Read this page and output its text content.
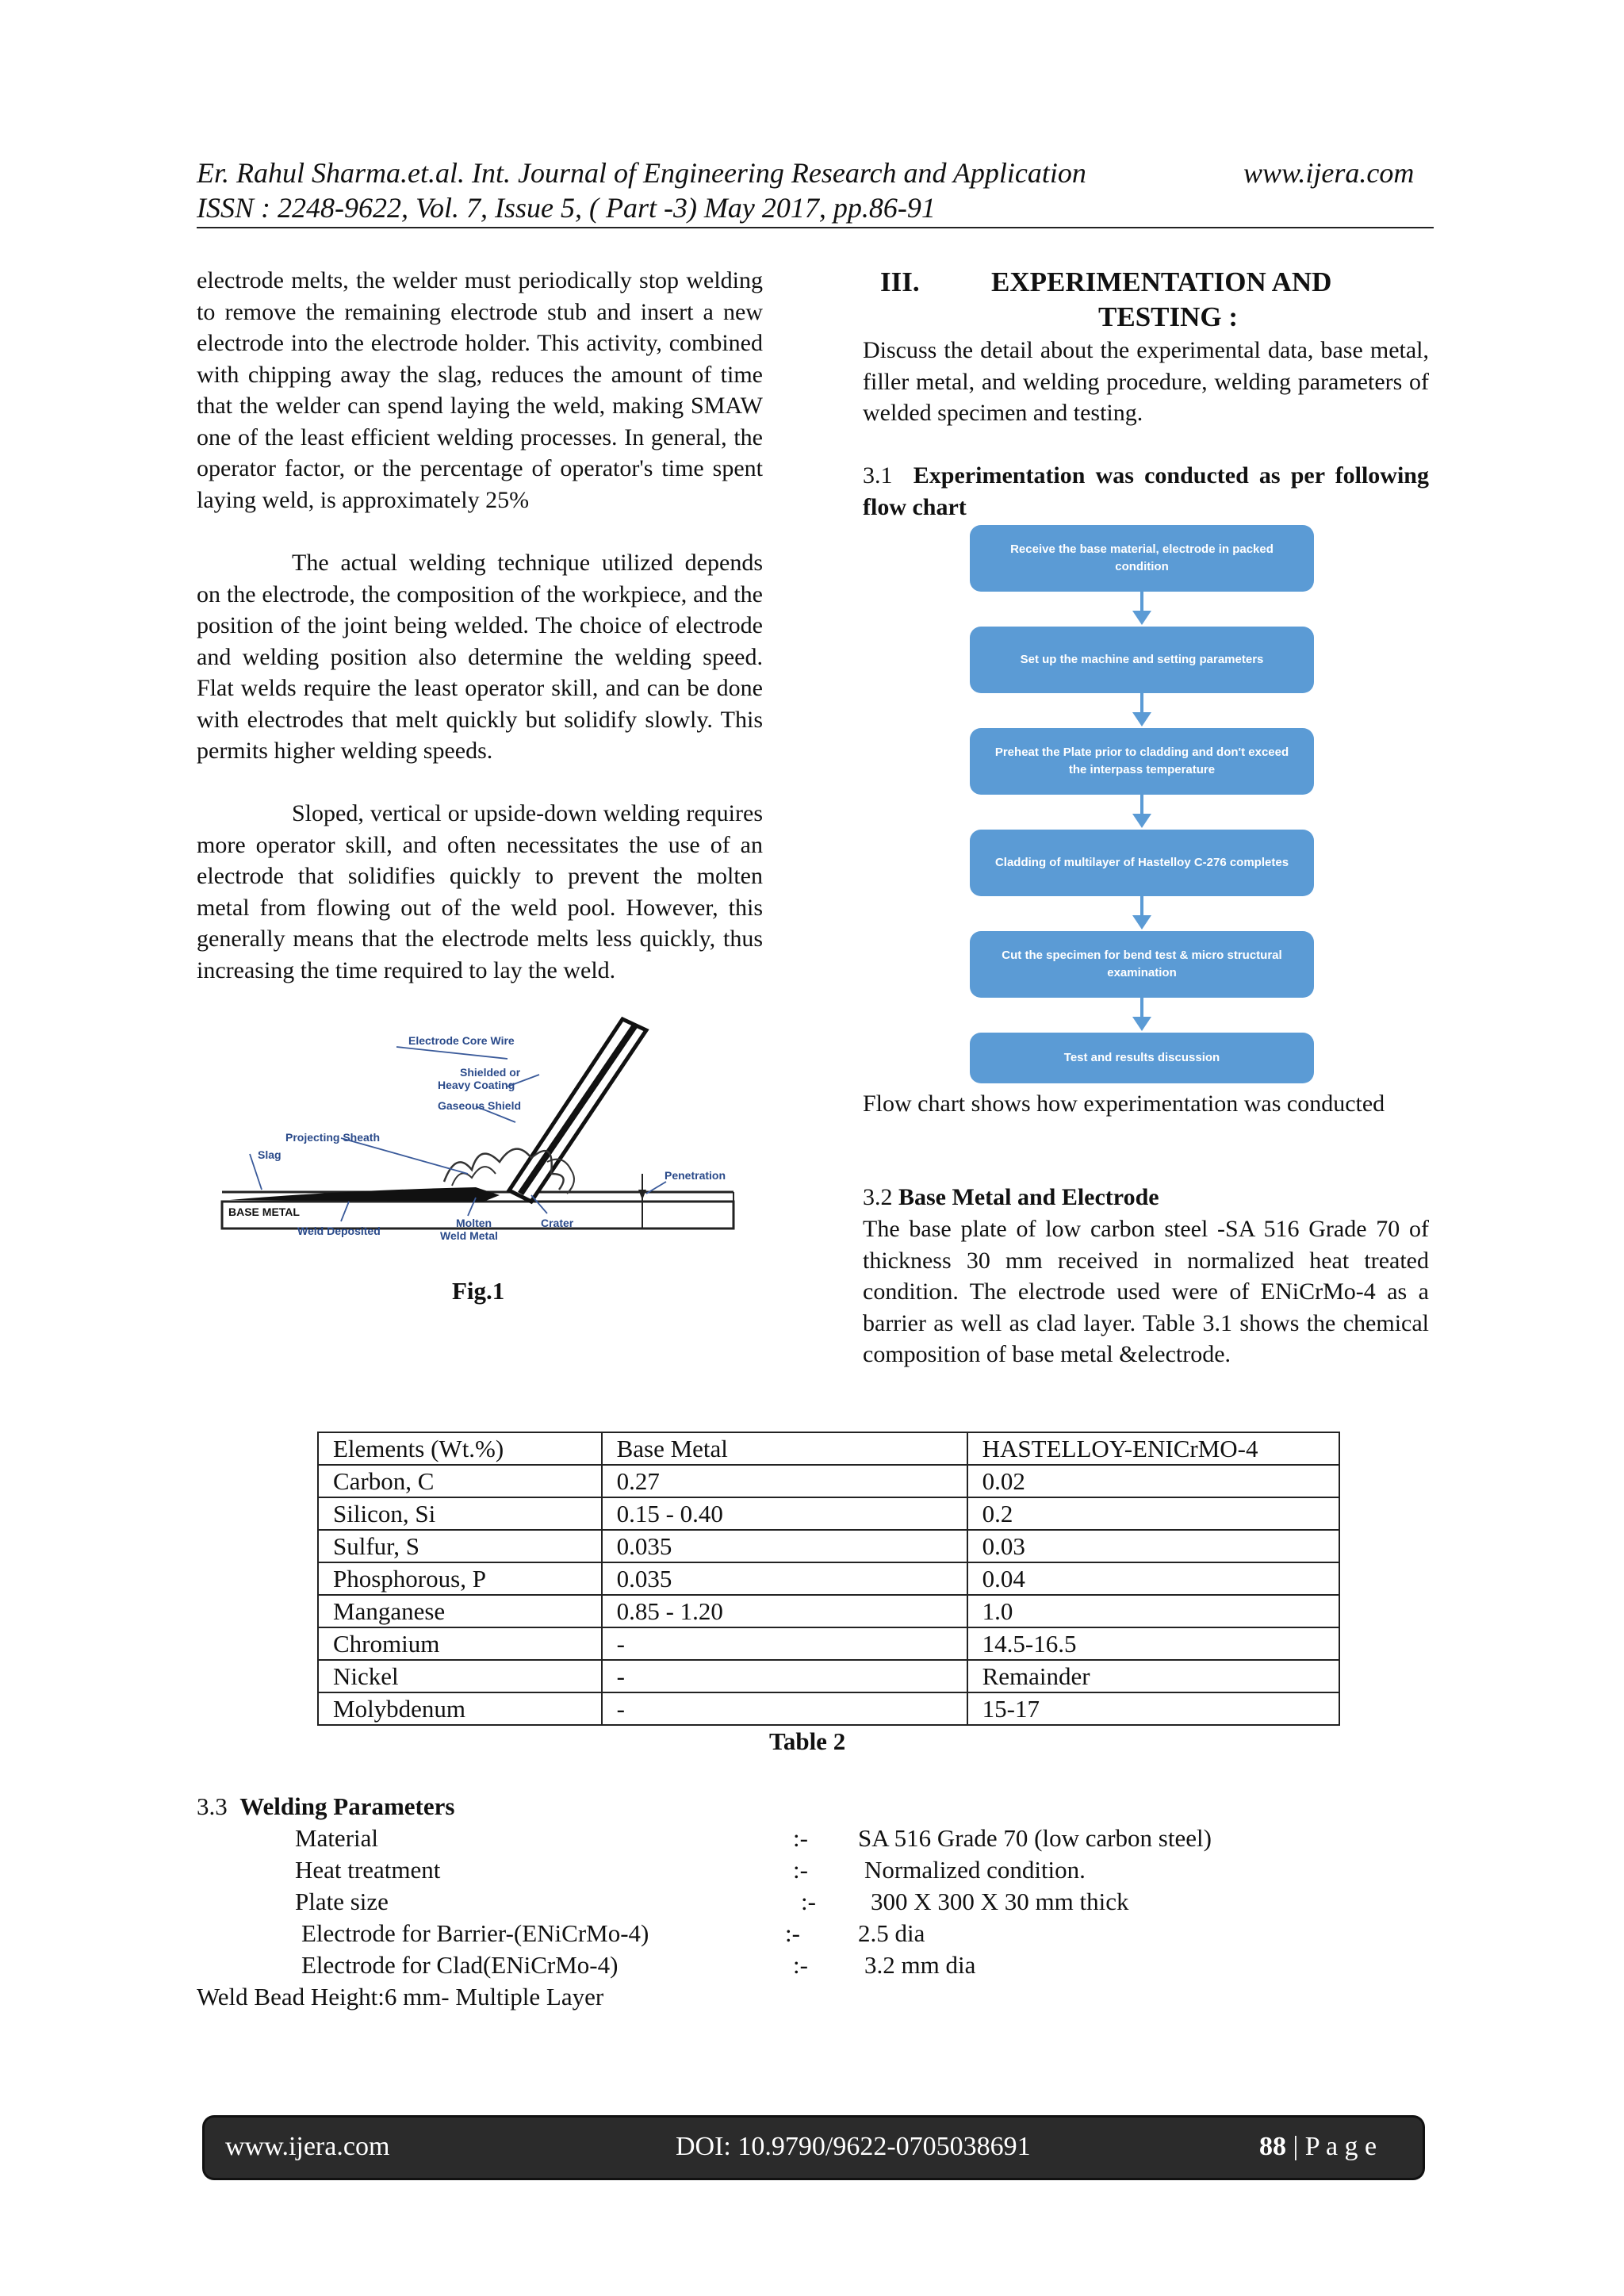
Er. Rahul Sharma.et.al. Int. Journal of Engineering Research and Application	www.ijera.com
ISSN : 2248-9622, Vol. 7, Issue 5, ( Part -3) May 2017, pp.86-91
electrode melts, the welder must periodically stop welding to remove the remaining electrode stub and insert a new electrode into the electrode holder. This activity, combined with chipping away the slag, reduces the amount of time that the welder can spend laying the weld, making SMAW one of the least efficient welding processes. In general, the operator factor, or the percentage of operator's time spent laying weld, is approximately 25%
The actual welding technique utilized depends on the electrode, the composition of the workpiece, and the position of the joint being welded. The choice of electrode and welding position also determine the welding speed. Flat welds require the least operator skill, and can be done with electrodes that melt quickly but solidify slowly. This permits higher welding speeds.
Sloped, vertical or upside-down welding requires more operator skill, and often necessitates the use of an electrode that solidifies quickly to prevent the molten metal from flowing out of the weld pool. However, this generally means that the electrode melts less quickly, thus increasing the time required to lay the weld.
Electrode Core Wire
Shielded or
Heavy Coating
Gaseous Shield
Projecting Sheath
Slag
Penetration
BASE METAL
Weld Deposited
Molten
Weld Metal
Crater
Fig.1
III.	EXPERIMENTATION AND
TESTING :
Discuss the detail about the experimental data, base metal, filler metal, and welding procedure, welding parameters of welded specimen and testing.
3.1 Experimentation was conducted as per following flow chart
Receive the base material, electrode in packed condition
Set up the machine and setting parameters
Preheat the Plate prior to cladding and don't exceed the interpass temperature
Cladding of multilayer of Hastelloy C-276 completes
Cut the specimen for bend test & micro structural examination
Test and results discussion
Flow chart shows how experimentation was conducted
3.2 Base Metal and Electrode
The base plate of low carbon steel -SA 516 Grade 70 of thickness 30 mm received in normalized heat treated condition. The electrode used were of ENiCrMo-4 as a barrier as well as clad layer. Table 3.1 shows the chemical composition of base metal &electrode.
Elements (Wt.%)	Base Metal	HASTELLOY-ENICrMO-4
Carbon, C	0.27	0.02
Silicon, Si	0.15 - 0.40	0.2
Sulfur, S	0.035	0.03
Phosphorous, P	0.035	0.04
Manganese	0.85 - 1.20	1.0
Chromium	-	14.5-16.5
Nickel	-	Remainder
Molybdenum	-	15-17
Table 2
3.3 Welding Parameters
Material	:- SA 516 Grade 70 (low carbon steel)
Heat treatment	:- Normalized condition.
Plate size	:- 300 X 300 X 30 mm thick
Electrode for Barrier-(ENiCrMo-4)	:- 2.5 dia
Electrode for Clad(ENiCrMo-4)	:- 3.2 mm dia
Weld Bead Height:6 mm- Multiple Layer
www.ijera.com	DOI: 10.9790/9622-0705038691	88 | P a g e
